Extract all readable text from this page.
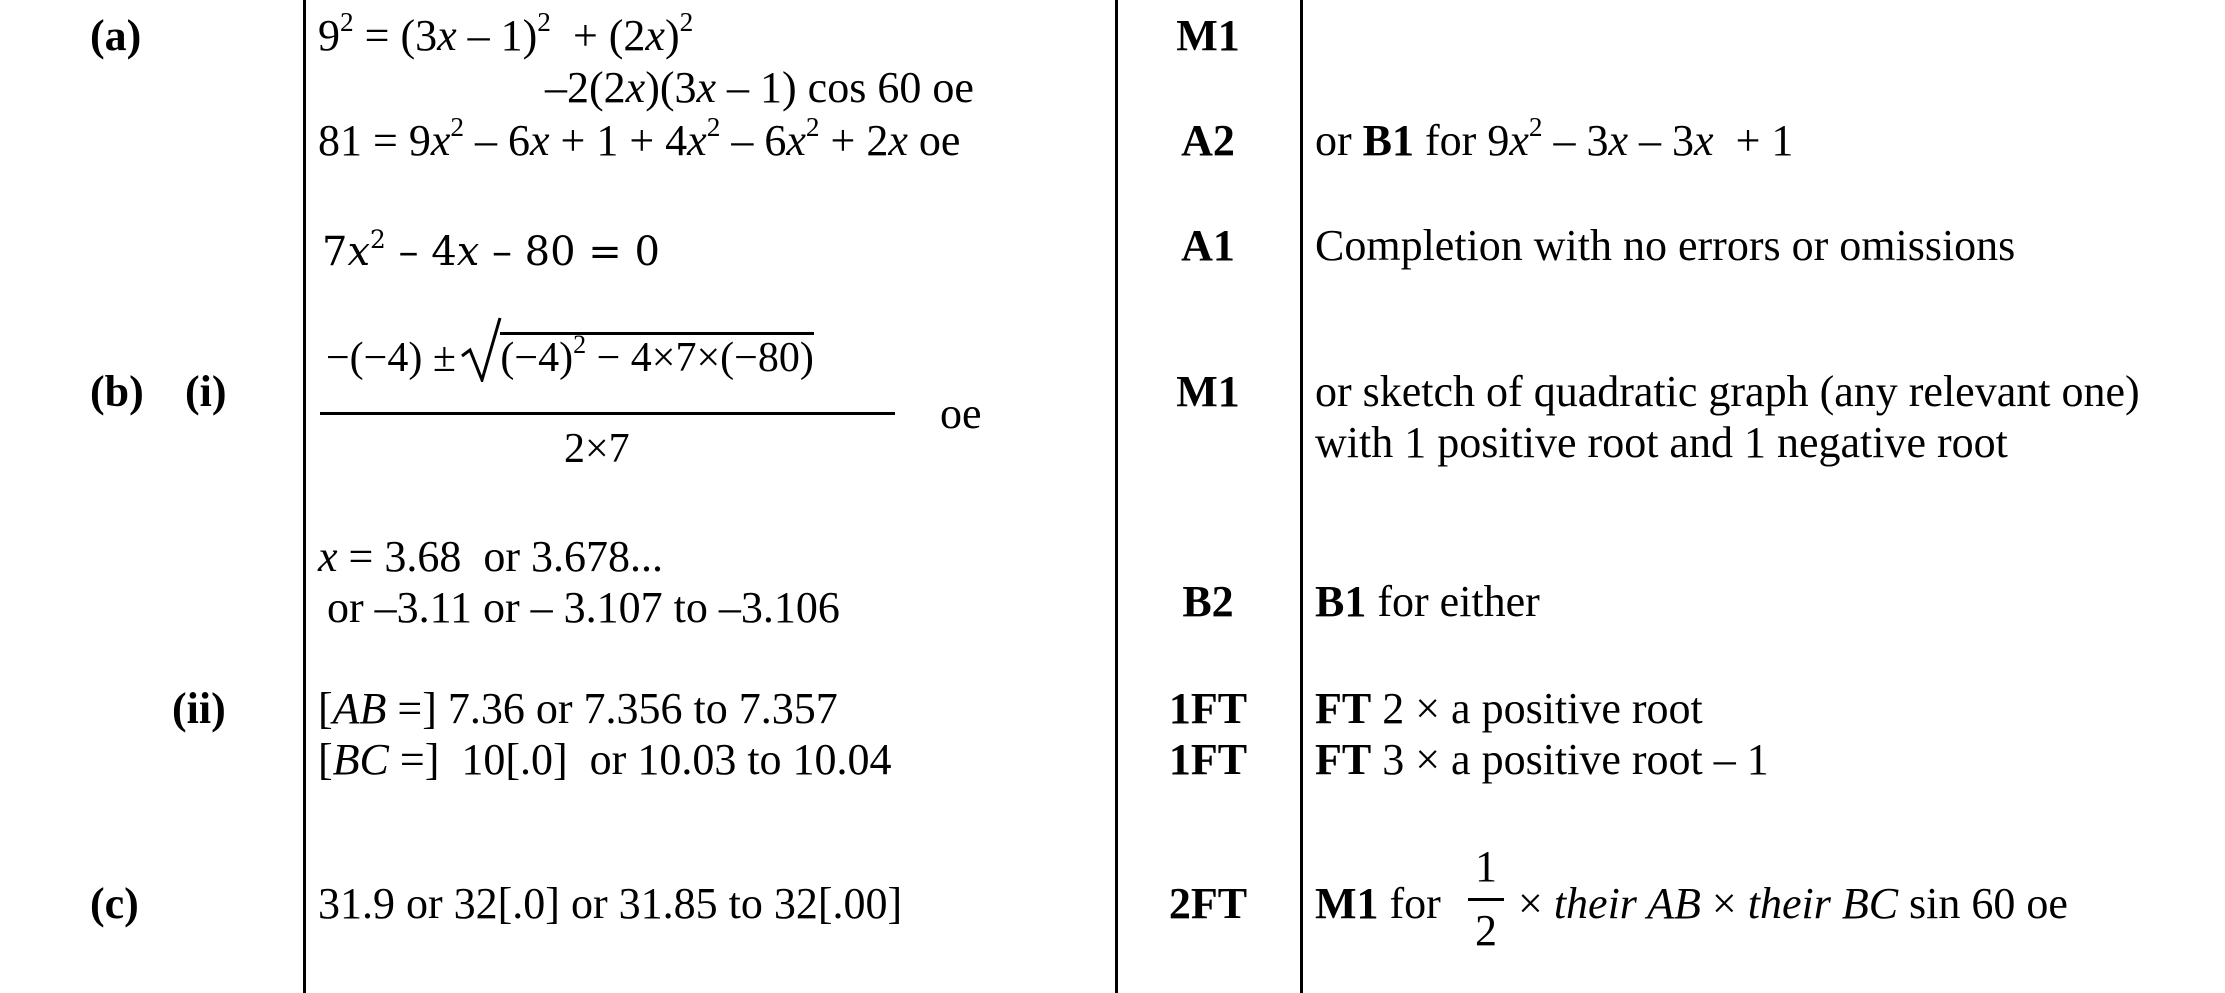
(a)
(b) (i)
(ii)
(c)
$9^2 = (3x - 1)^2 + (2x)^2$
–2(2x)(3x – 1) cos 60 oe
$81 = 9x^2 - 6x + 1 + 4x^2 - 6x^2 + 2x$ oe
$7x^2 - 4x - 80 = 0$
−(−4) ±
$(-4)^2 - 4\times 7\times(-80)$
2×7
oe
x = 3.68  or 3.678...
or –3.11 or – 3.107 to –3.106
[AB =] 7.36 or 7.356 to 7.357
[BC =]  10[.0]  or 10.03 to 10.04
31.9 or 32[.0] or 31.85 to 32[.00]
M1
A2
A1
M1
B2
1FT
1FT
2FT
or B1 for $9x^2 - 3x - 3x + 1$
Completion with no errors or omissions
or sketch of quadratic graph (any relevant one)
with 1 positive root and 1 negative root
B1 for either
FT 2 × a positive root
FT 3 × a positive root – 1
M1 for
1
2
× their AB × their BC sin 60 oe
